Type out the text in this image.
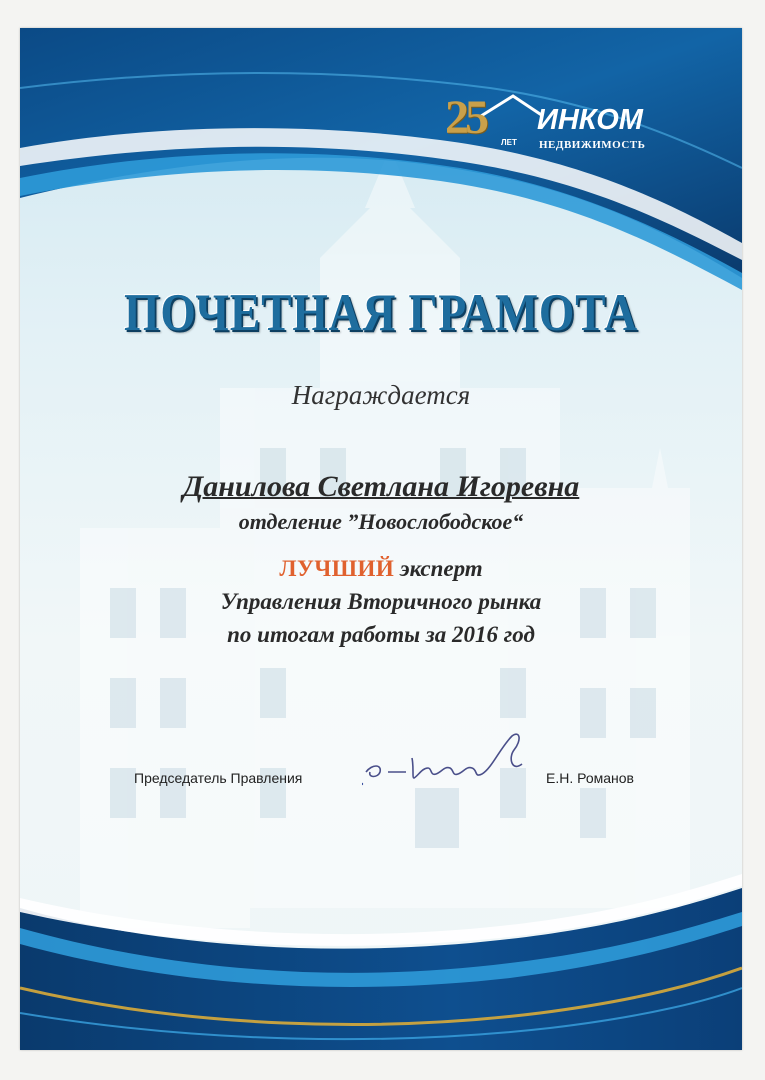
25 ЛЕТ
ИНКОМ
НЕДВИЖИМОСТЬ
ПОЧЕТНАЯ ГРАМОТА
Награждается
Данилова Светлана Игоревна
отделение ”Новослободское“
ЛУЧШИЙ эксперт
Управления Вторичного рынка
по итогам работы за 2016 год
Председатель Правления	Е.Н. Романов
